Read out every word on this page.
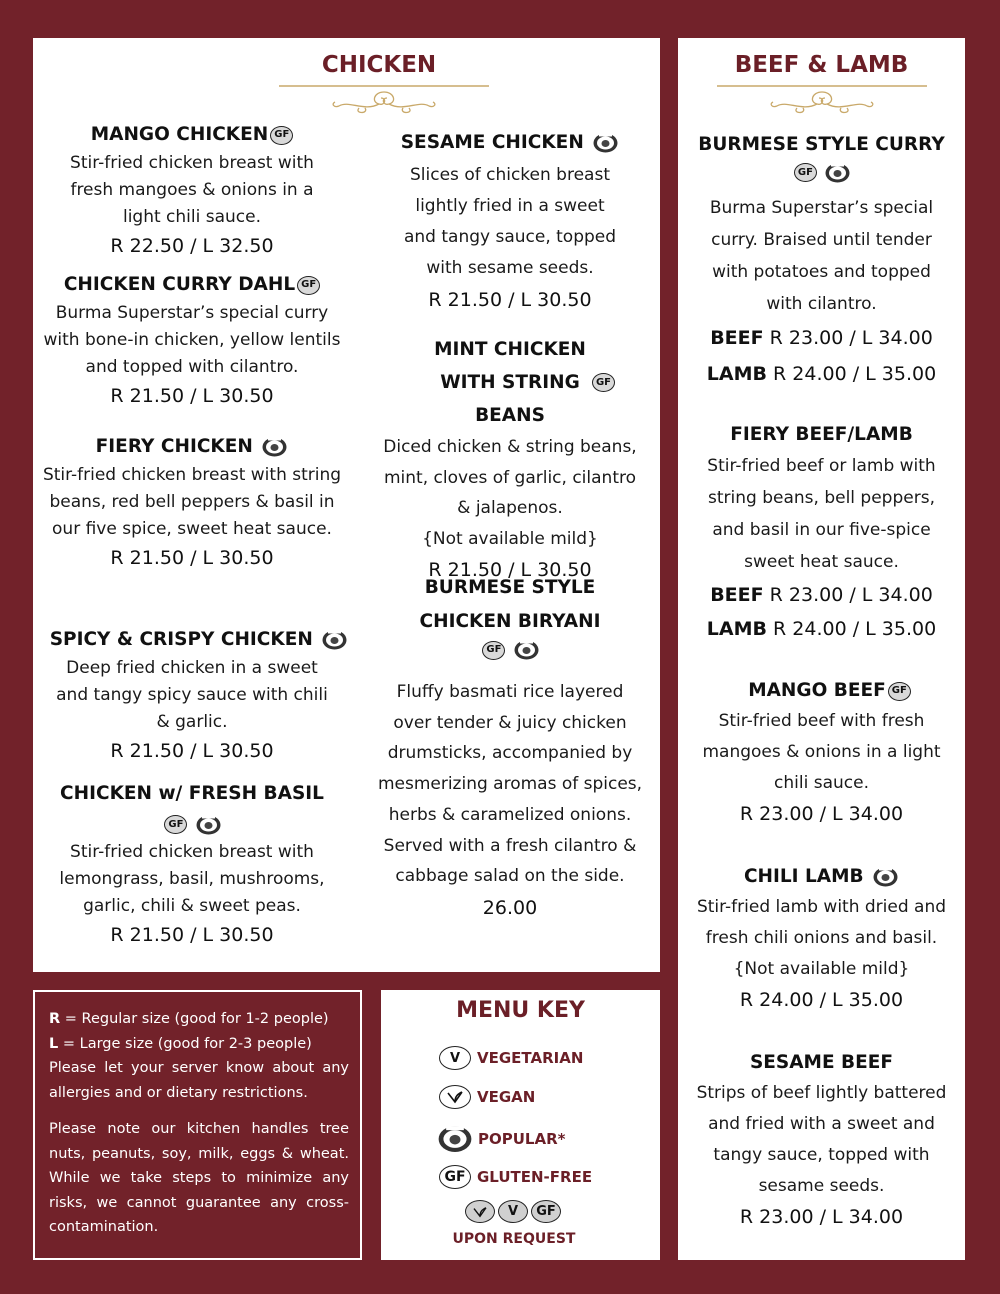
CHICKEN
MANGO CHICKEN GF
Stir-fried chicken breast with fresh mangoes & onions in a light chili sauce.
R 22.50 / L 32.50
CHICKEN CURRY DAHL GF
Burma Superstar’s special curry with bone-in chicken, yellow lentils and topped with cilantro.
R 21.50 / L 30.50
FIERY CHICKEN
Stir-fried chicken breast with string beans, red bell peppers & basil in our five spice, sweet heat sauce.
R 21.50 / L 30.50
SPICY & CRISPY CHICKEN
Deep fried chicken in a sweet and tangy spicy sauce with chili & garlic.
R 21.50 / L 30.50
CHICKEN w/ FRESH BASIL
GF
Stir-fried chicken breast with lemongrass, basil, mushrooms, garlic, chili & sweet peas.
R 21.50 / L 30.50
SESAME CHICKEN
Slices of chicken breast lightly fried in a sweet and tangy sauce, topped with sesame seeds.
R 21.50 / L 30.50
MINT CHICKEN WITH STRING BEANS
Diced chicken & string beans, mint, cloves of garlic, cilantro & jalapenos.
{Not available mild}
R 21.50 / L 30.50
GF
BURMESE STYLE CHICKEN BIRYANI
GF
Fluffy basmati rice layered over tender & juicy chicken drumsticks, accompanied by mesmerizing aromas of spices, herbs & caramelized onions. Served with a fresh cilantro & cabbage salad on the side.
26.00
BEEF & LAMB
BURMESE STYLE CURRY
GF
Burma Superstar’s special curry. Braised until tender with potatoes and topped with cilantro.
BEEF R 23.00 / L 34.00
LAMB R 24.00 / L 35.00
FIERY BEEF/LAMB
Stir-fried beef or lamb with string beans, bell peppers, and basil in our five-spice sweet heat sauce.
BEEF R 23.00 / L 34.00
LAMB R 24.00 / L 35.00
MANGO BEEF GF
Stir-fried beef with fresh mangoes & onions in a light chili sauce.
R 23.00 / L 34.00
CHILI LAMB
Stir-fried lamb with dried and fresh chili onions and basil.
{Not available mild}
R 24.00 / L 35.00
SESAME BEEF
Strips of beef lightly battered and fried with a sweet and tangy sauce, topped with sesame seeds.
R 23.00 / L 34.00
R = Regular size (good for 1-2 people)
L = Large size (good for 2-3 people)
Please let your server know about any allergies and or dietary restrictions.
Please note our kitchen handles tree nuts, peanuts, soy, milk, eggs & wheat. While we take steps to minimize any risks, we cannot guarantee any cross-contamination.
MENU KEY
V	VEGETARIAN
VEGAN
POPULAR*
GF GLUTEN-FREE
V	GF
UPON REQUEST
